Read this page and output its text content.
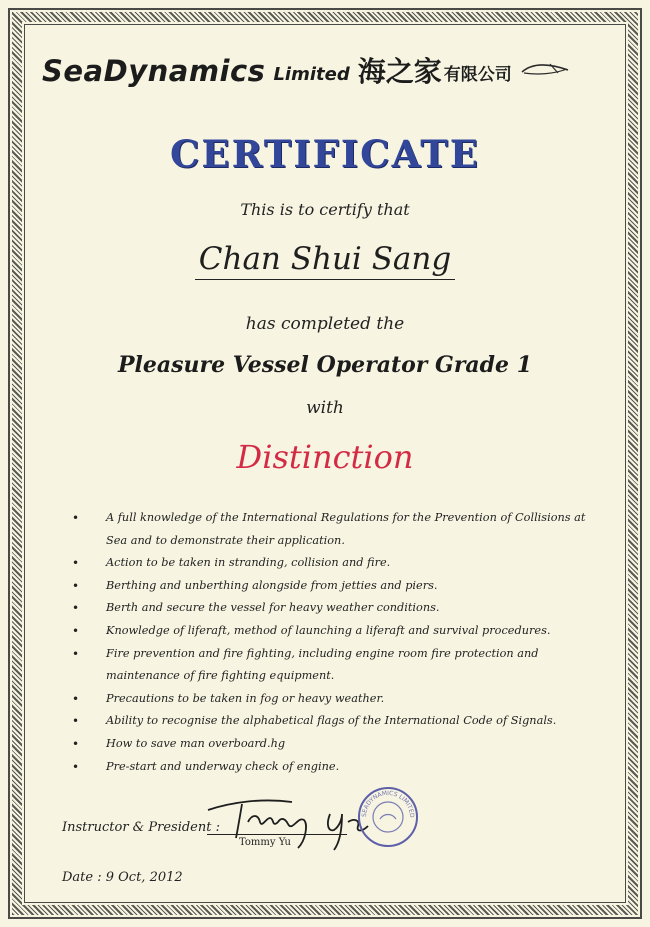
SeaDynamics Limited 海之家 有限公司
CERTIFICATE
This is to certify that
Chan Shui Sang
has completed the
Pleasure Vessel Operator Grade 1
with
Distinction
• A full knowledge of the International Regulations for the Prevention of Collisions at Sea and to demonstrate their application.
• Action to be taken in stranding, collision and fire.
• Berthing and unberthing alongside from jetties and piers.
• Berth and secure the vessel for heavy weather conditions.
• Knowledge of liferaft, method of launching a liferaft and survival procedures.
• Fire prevention and fire fighting, including engine room fire protection and maintenance of fire fighting equipment.
• Precautions to be taken in fog or heavy weather.
• Ability to recognise the alphabetical flags of the International Code of Signals.
• How to save man overboard.hg
• Pre-start and underway check of engine.
Instructor & President :
Tommy Yu
SEADYNAMICS LIMITED
Date : 9 Oct, 2012
